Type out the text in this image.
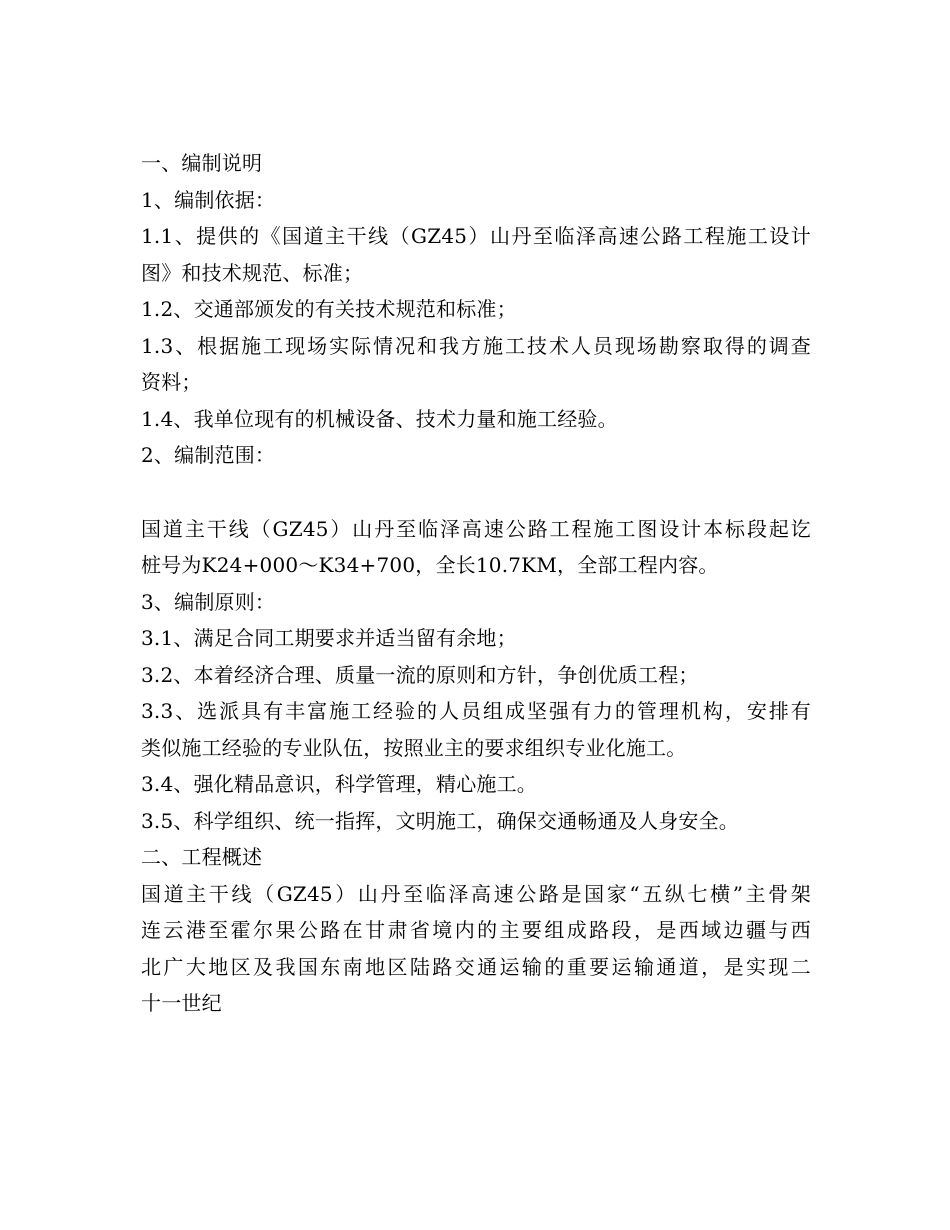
一、编制说明
1、编制依据：
1.1、提供的《国道主干线（GZ45）山丹至临泽高速公路工程施工设计
图》和技术规范、标准；
1.2、交通部颁发的有关技术规范和标准；
1.3、根据施工现场实际情况和我方施工技术人员现场勘察取得的调查
资料；
1.4、我单位现有的机械设备、技术力量和施工经验。
2、编制范围：
国道主干线（GZ45）山丹至临泽高速公路工程施工图设计本标段起讫
桩号为K24+000～K34+700，全长10.7KM，全部工程内容。
3、编制原则：
3.1、满足合同工期要求并适当留有余地；
3.2、本着经济合理、质量一流的原则和方针，争创优质工程；
3.3、选派具有丰富施工经验的人员组成坚强有力的管理机构，安排有
类似施工经验的专业队伍，按照业主的要求组织专业化施工。
3.4、强化精品意识，科学管理，精心施工。
3.5、科学组织、统一指挥，文明施工，确保交通畅通及人身安全。
二、工程概述
国道主干线（GZ45）山丹至临泽高速公路是国家“五纵七横”主骨架
连云港至霍尔果公路在甘肃省境内的主要组成路段，是西域边疆与西
北广大地区及我国东南地区陆路交通运输的重要运输通道，是实现二
十一世纪
